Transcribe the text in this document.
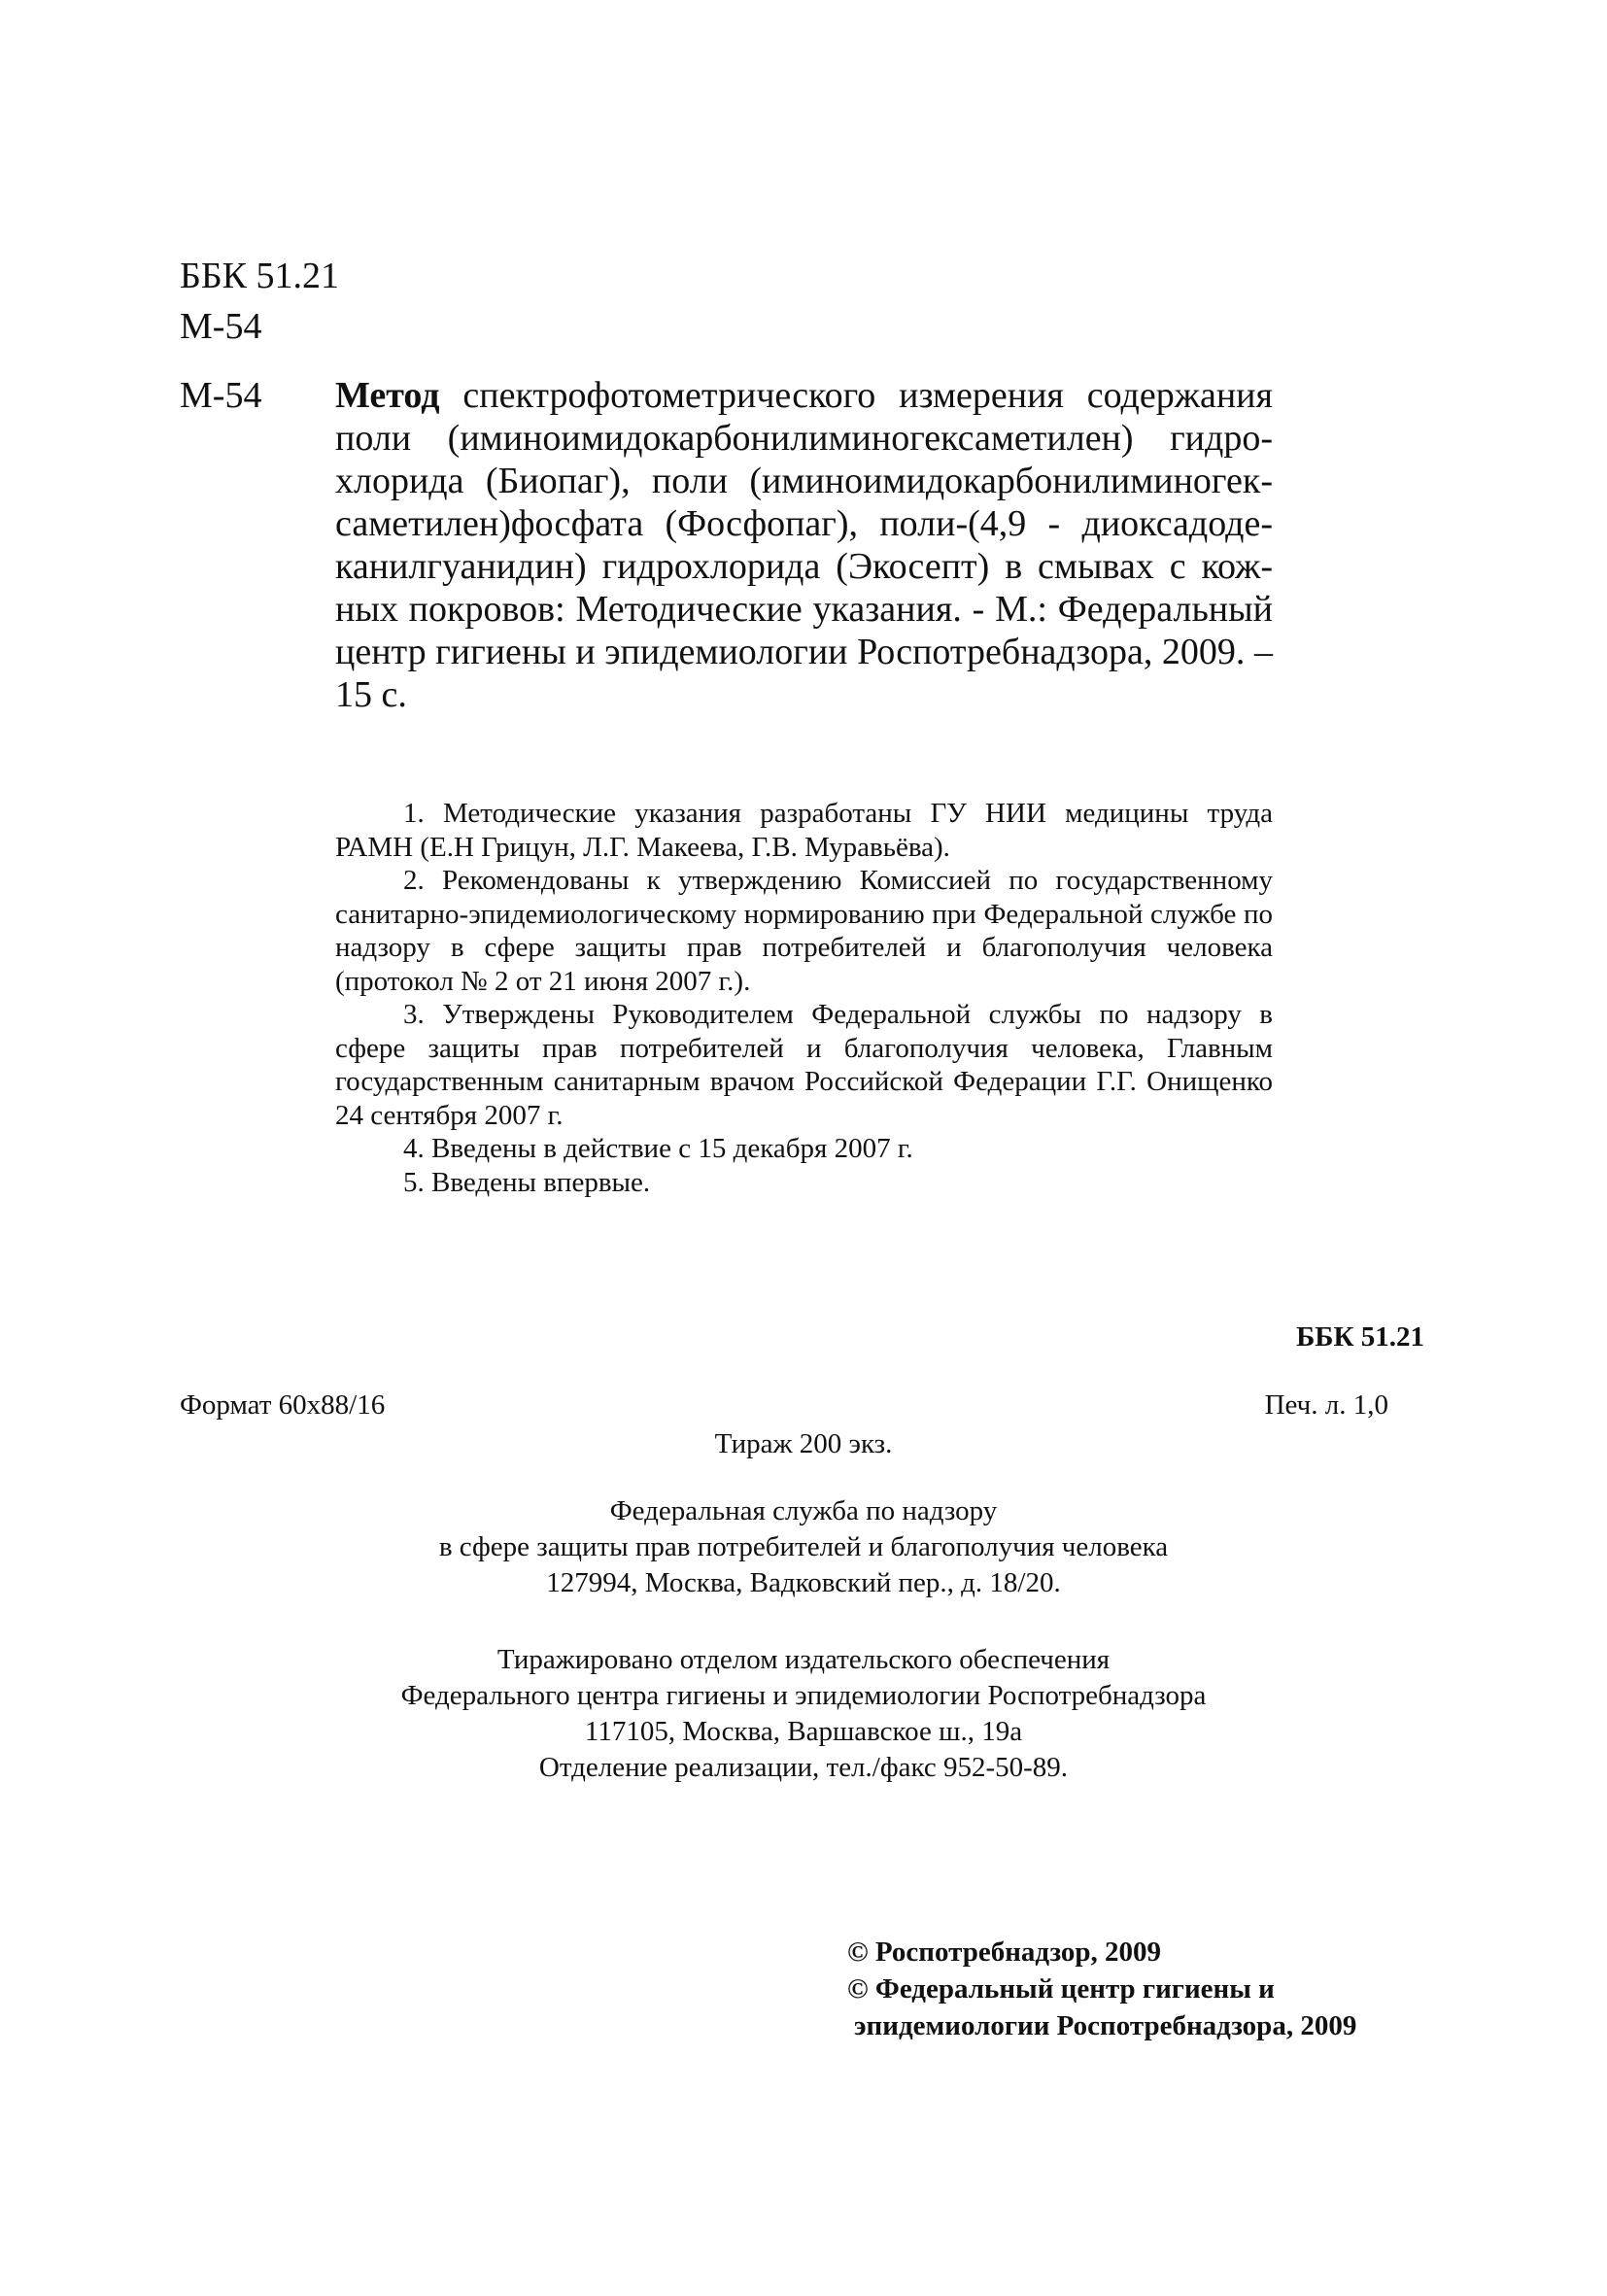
ББК 51.21
М-54
М-54 Метод спектрофотометрического измерения содержания поли (иминоимидокарбонилиминогексаметилен) гидрохлорида (Биопаг), поли (иминоимидокарбонилиминогексаметилен)фосфата (Фосфопаг), поли-(4,9 - диоксадодеканилгуанидин) гидрохлорида (Экосепт) в смывах с кожных покровов: Методические указания. - М.: Федеральный центр гигиены и эпидемиологии Роспотребнадзора, 2009. – 15 с.

1. Методические указания разработаны ГУ НИИ медицины труда РАМН (Е.Н Грицун, Л.Г. Макеева, Г.В. Муравьёва).

2. Рекомендованы к утверждению Комиссией по государственному санитарно-эпидемиологическому нормированию при Федеральной службе по надзору в сфере защиты прав потребителей и благополучия человека (протокол № 2 от 21 июня 2007 г.).

3. Утверждены Руководителем Федеральной службы по надзору в сфере защиты прав потребителей и благополучия человека, Главным государственным санитарным врачом Российской Федерации Г.Г. Онищенко 24 сентября 2007 г.

4. Введены в действие с 15 декабря 2007 г.

5. Введены впервые.

ББК 51.21
Формат 60х88/16	Печ. л. 1,0
Тираж 200 экз.
Федеральная служба по надзору
в сфере защиты прав потребителей и благополучия человека
127994, Москва, Вадковский пер., д. 18/20.
Тиражировано отделом издательского обеспечения
Федерального центра гигиены и эпидемиологии Роспотребнадзора
117105, Москва, Варшавское ш., 19а
Отделение реализации, тел./факс 952-50-89.
© Роспотребнадзор, 2009
© Федеральный центр гигиены и
эпидемиологии Роспотребнадзора, 2009
